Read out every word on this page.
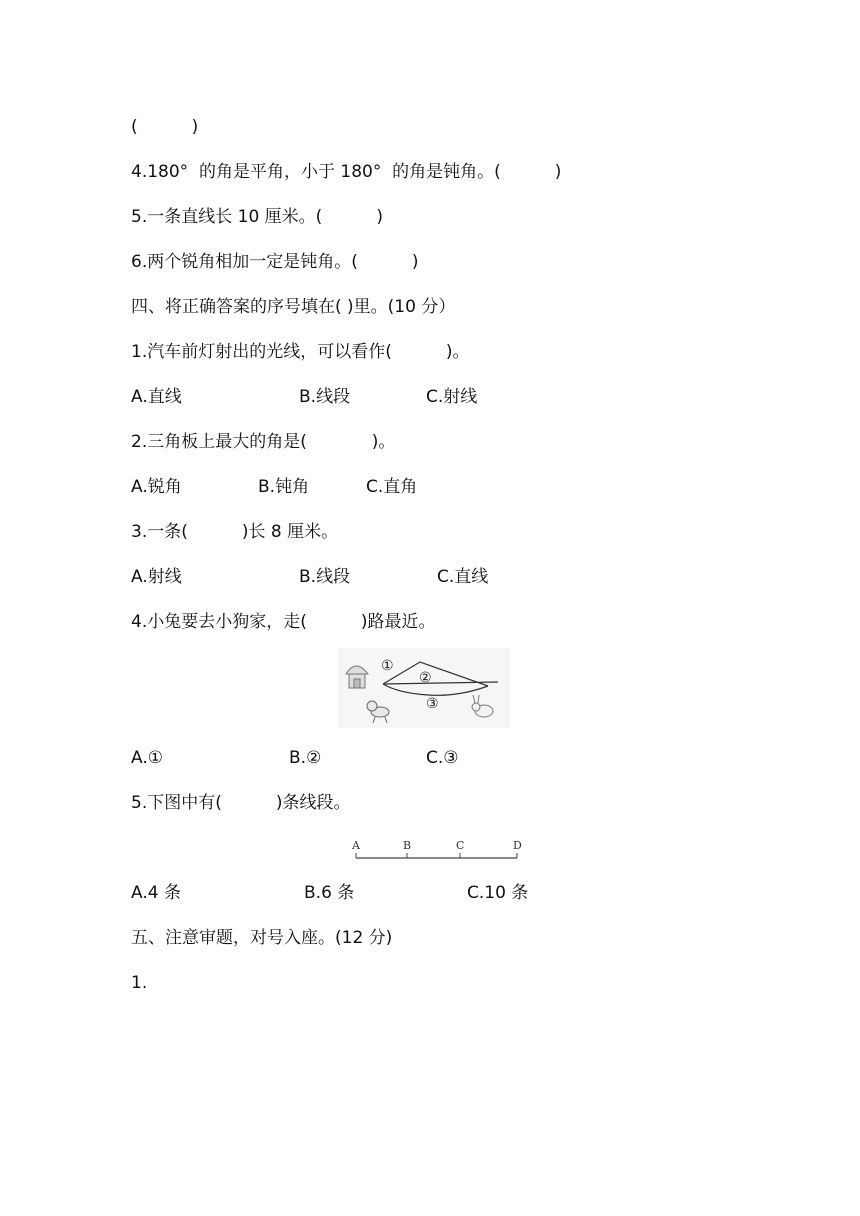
(          )
4.180°  的角是平角，小于 180°  的角是钝角。(          )
5.一条直线长 10 厘米。(          )
6.两个锐角相加一定是钝角。(          )
四、将正确答案的序号填在( )里。(10 分）
1.汽车前灯射出的光线，可以看作(          )。
A.直线	B.线段	C.射线
2.三角板上最大的角是(            )。
A.锐角	B.钝角	C.直角
3.一条(          )长 8 厘米。
A.射线	B.线段	C.直线
4.小兔要去小狗家，走(          )路最近。
①
②
③
A.①	B.②	C.③
5.下图中有(          )条线段。
A	B	C	D
A.4 条	B.6 条	C.10 条
五、注意审题，对号入座。(12 分)
1.
